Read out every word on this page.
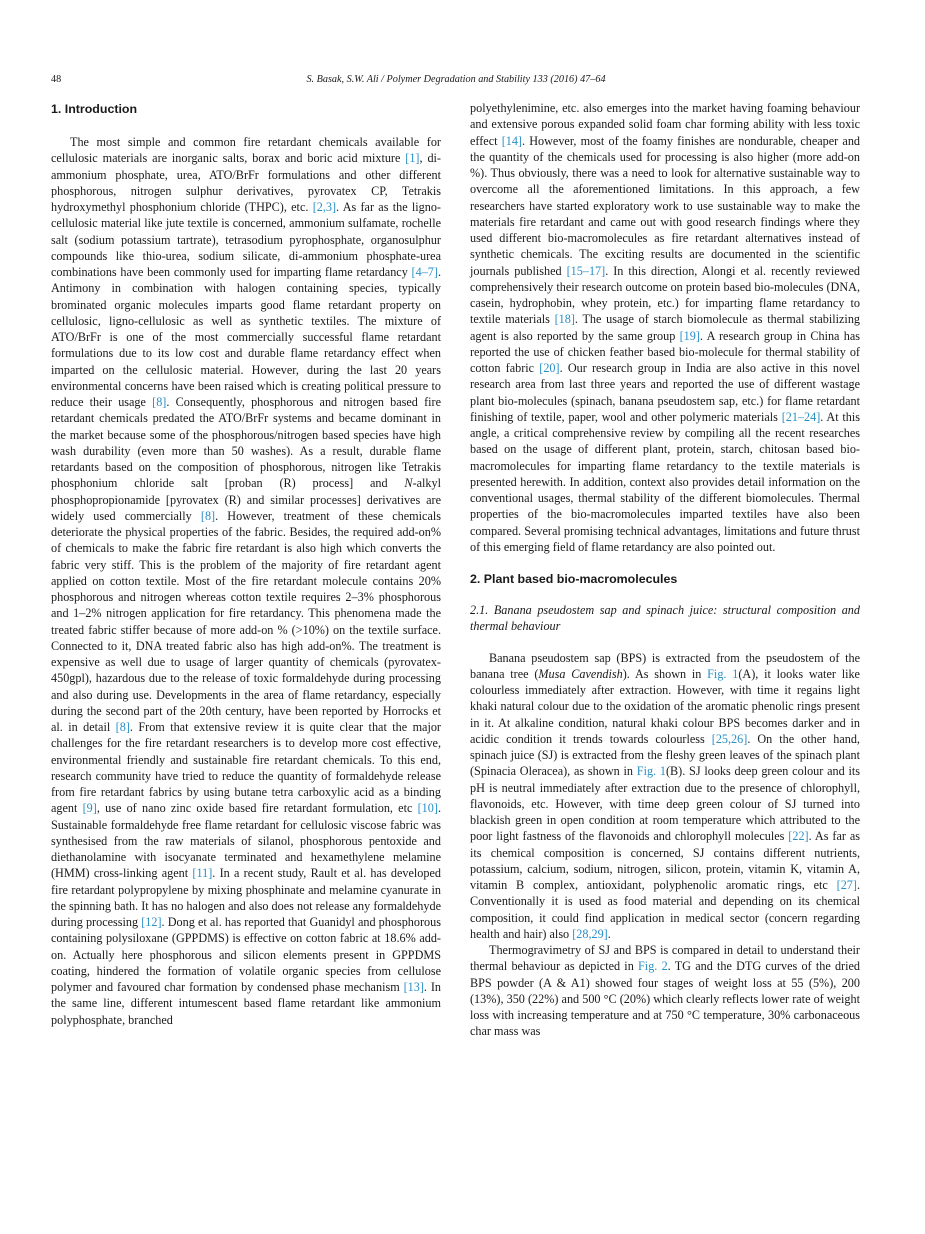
48	S. Basak, S.W. Ali / Polymer Degradation and Stability 133 (2016) 47–64
1. Introduction

The most simple and common fire retardant chemicals available for cellulosic materials are inorganic salts, borax and boric acid mixture [1], di-ammonium phosphate, urea, ATO/BrFr formulations and other different phosphorous, nitrogen sulphur derivatives, pyrovatex CP, Tetrakis hydroxymethyl phosphonium chloride (THPC), etc. [2,3]. As far as the ligno-cellulosic material like jute textile is concerned, ammonium sulfamate, rochelle salt (sodium potassium tartrate), tetrasodium pyrophosphate, organosulphur compounds like thio-urea, sodium silicate, di-ammonium phosphate-urea combinations have been commonly used for imparting flame retardancy [4–7]. Antimony in combination with halogen containing species, typically brominated organic molecules imparts good flame retardant property on cellulosic, ligno-cellulosic as well as synthetic textiles. The mixture of ATO/BrFr is one of the most commercially successful flame retardant formulations due to its low cost and durable flame retardancy effect when imparted on the cellulosic material. However, during the last 20 years environmental concerns have been raised which is creating political pressure to reduce their usage [8]. Consequently, phosphorous and nitrogen based fire retardant chemicals predated the ATO/BrFr systems and became dominant in the market because some of the phosphorous/nitrogen based species have high wash durability (even more than 50 washes). As a result, durable flame retardants based on the composition of phosphorous, nitrogen like Tetrakis phosphonium chloride salt [proban (R) process] and N-alkyl phosphopropionamide [pyrovatex (R) and similar processes] derivatives are widely used commercially [8]. However, treatment of these chemicals deteriorate the physical properties of the fabric. Besides, the required add-on% of chemicals to make the fabric fire retardant is also high which converts the fabric very stiff. This is the problem of the majority of fire retardant agent applied on cotton textile. Most of the fire retardant molecule contains 20% phosphorous and nitrogen whereas cotton textile requires 2–3% phosphorous and 1–2% nitrogen application for fire retardancy. This phenomena made the treated fabric stiffer because of more add-on % (>10%) on the textile surface. Connected to it, DNA treated fabric also has high add-on%. The treatment is expensive as well due to usage of larger quantity of chemicals (pyrovatex-450gpl), hazardous due to the release of toxic formaldehyde during processing and also during use. Developments in the area of flame retardancy, especially during the second part of the 20th century, have been reported by Horrocks et al. in detail [8]. From that extensive review it is quite clear that the major challenges for the fire retardant researchers is to develop more cost effective, environmental friendly and sustainable fire retardant chemicals. To this end, research community have tried to reduce the quantity of formaldehyde release from fire retardant fabrics by using butane tetra carboxylic acid as a binding agent [9], use of nano zinc oxide based fire retardant formulation, etc [10]. Sustainable formaldehyde free flame retardant for cellulosic viscose fabric was synthesised from the raw materials of silanol, phosphorous pentoxide and diethanolamine with isocyanate terminated and hexamethylene melamine (HMM) cross-linking agent [11]. In a recent study, Rault et al. has developed fire retardant polypropylene by mixing phosphinate and melamine cyanurate in the spinning bath. It has no halogen and also does not release any formaldehyde during processing [12]. Dong et al. has reported that Guanidyl and phosphorous containing polysiloxane (GPPDMS) is effective on cotton fabric at 18.6% add-on. Actually here phosphorous and silicon elements present in GPPDMS coating, hindered the formation of volatile organic species from cellulose polymer and favoured char formation by condensed phase mechanism [13]. In the same line, different intumescent based flame retardant like ammonium polyphosphate, branched

polyethylenimine, etc. also emerges into the market having foaming behaviour and extensive porous expanded solid foam char forming ability with less toxic effect [14]. However, most of the foamy finishes are nondurable, cheaper and the quantity of the chemicals used for processing is also higher (more add-on %). Thus obviously, there was a need to look for alternative sustainable way to overcome all the aforementioned limitations. In this approach, a few researchers have started exploratory work to use sustainable way to make the materials fire retardant and came out with good research findings where they used different bio-macromolecules as fire retardant alternatives instead of synthetic chemicals. The exciting results are documented in the scientific journals published [15–17]. In this direction, Alongi et al. recently reviewed comprehensively their research outcome on protein based bio-molecules (DNA, casein, hydrophobin, whey protein, etc.) for imparting flame retardancy to textile materials [18]. The usage of starch biomolecule as thermal stabilizing agent is also reported by the same group [19]. A research group in China has reported the use of chicken feather based bio-molecule for thermal stability of cotton fabric [20]. Our research group in India are also active in this novel research area from last three years and reported the use of different wastage plant bio-molecules (spinach, banana pseudostem sap, etc.) for flame retardant finishing of textile, paper, wool and other polymeric materials [21–24]. At this angle, a critical comprehensive review by compiling all the recent researches based on the usage of different plant, protein, starch, chitosan based bio-macromolecules for imparting flame retardancy to the textile materials is presented herewith. In addition, context also provides detail information on the conventional usages, thermal stability of the different biomolecules. Thermal properties of the bio-macromolecules imparted textiles have also been compared. Several promising technical advantages, limitations and future thrust of this emerging field of flame retardancy are also pointed out.

2. Plant based bio-macromolecules
2.1. Banana pseudostem sap and spinach juice: structural composition and thermal behaviour

Banana pseudostem sap (BPS) is extracted from the pseudostem of the banana tree (Musa Cavendish). As shown in Fig. 1(A), it looks water like colourless immediately after extraction. However, with time it regains light khaki natural colour due to the oxidation of the aromatic phenolic rings present in it. At alkaline condition, natural khaki colour BPS becomes darker and in acidic condition it trends towards colourless [25,26]. On the other hand, spinach juice (SJ) is extracted from the fleshy green leaves of the spinach plant (Spinacia Oleracea), as shown in Fig. 1(B). SJ looks deep green colour and its pH is neutral immediately after extraction due to the presence of chlorophyll, flavonoids, etc. However, with time deep green colour of SJ turned into blackish green in open condition at room temperature which attributed to the poor light fastness of the flavonoids and chlorophyll molecules [22]. As far as its chemical composition is concerned, SJ contains different nutrients, potassium, calcium, sodium, nitrogen, silicon, protein, vitamin K, vitamin A, vitamin B complex, antioxidant, polyphenolic aromatic rings, etc [27]. Conventionally it is used as food material and depending on its chemical composition, it could find application in medical sector (concern regarding health and hair) also [28,29].

Thermogravimetry of SJ and BPS is compared in detail to understand their thermal behaviour as depicted in Fig. 2. TG and the DTG curves of the dried BPS powder (A & A1) showed four stages of weight loss at 55 (5%), 200 (13%), 350 (22%) and 500 °C (20%) which clearly reflects lower rate of weight loss with increasing temperature and at 750 °C temperature, 30% carbonaceous char mass was
